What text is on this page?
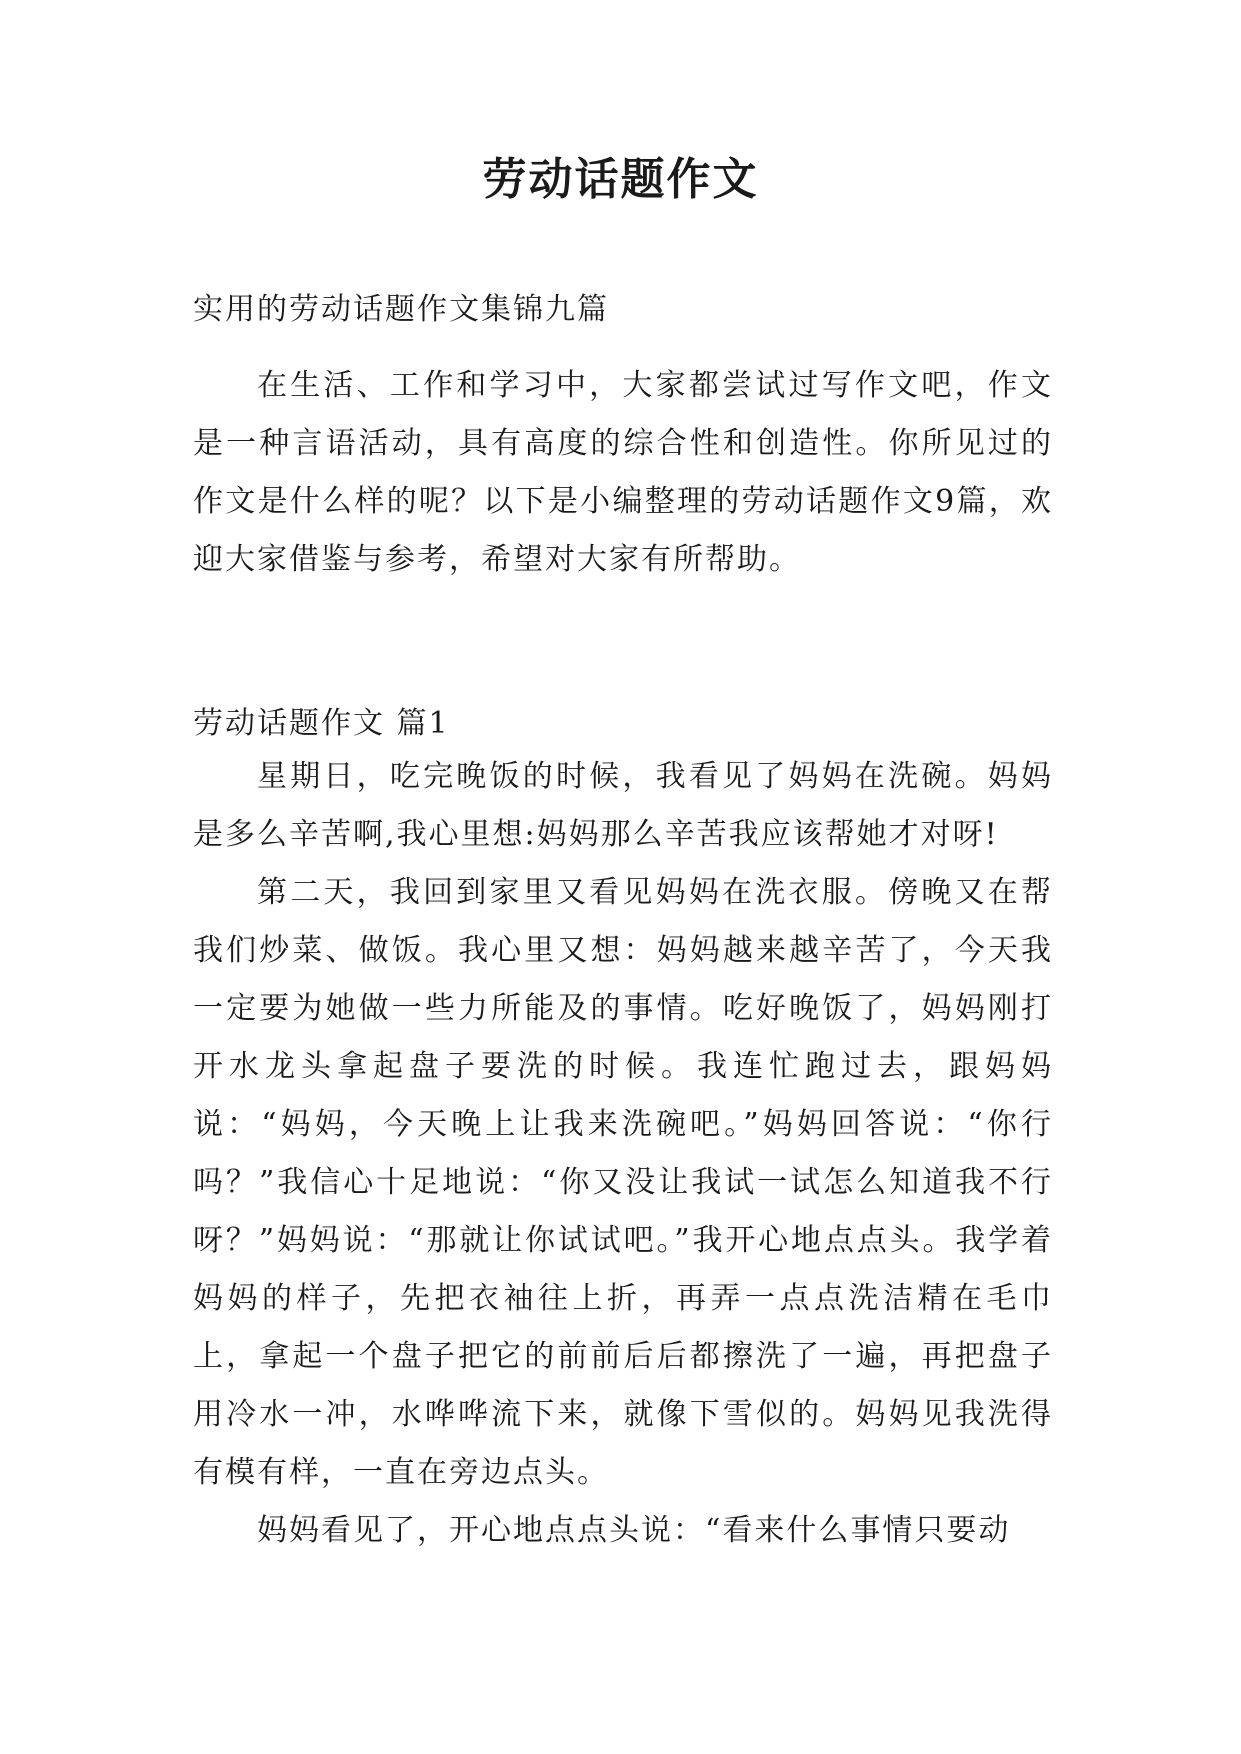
劳动话题作文
实用的劳动话题作文集锦九篇

在生活、工作和学习中，大家都尝试过写作文吧，作文是一种言语活动，具有高度的综合性和创造性。你所见过的作文是什么样的呢？以下是小编整理的劳动话题作文9篇，欢迎大家借鉴与参考，希望对大家有所帮助。

劳动话题作文 篇1

星期日，吃完晚饭的时候，我看见了妈妈在洗碗。妈妈是多么辛苦啊,我心里想:妈妈那么辛苦我应该帮她才对呀!

第二天，我回到家里又看见妈妈在洗衣服。傍晚又在帮我们炒菜、做饭。我心里又想：妈妈越来越辛苦了，今天我一定要为她做一些力所能及的事情。吃好晚饭了，妈妈刚打开水龙头拿起盘子要洗的时候。我连忙跑过去，跟妈妈说：“妈妈，今天晚上让我来洗碗吧。”妈妈回答说：“你行吗？”我信心十足地说：“你又没让我试一试怎么知道我不行呀？”妈妈说：“那就让你试试吧。”我开心地点点头。我学着妈妈的样子，先把衣袖往上折，再弄一点点洗洁精在毛巾上，拿起一个盘子把它的前前后后都擦洗了一遍，再把盘子用冷水一冲，水哗哗流下来，就像下雪似的。妈妈见我洗得有模有样，一直在旁边点头。

妈妈看见了，开心地点点头说：“看来什么事情只要动
